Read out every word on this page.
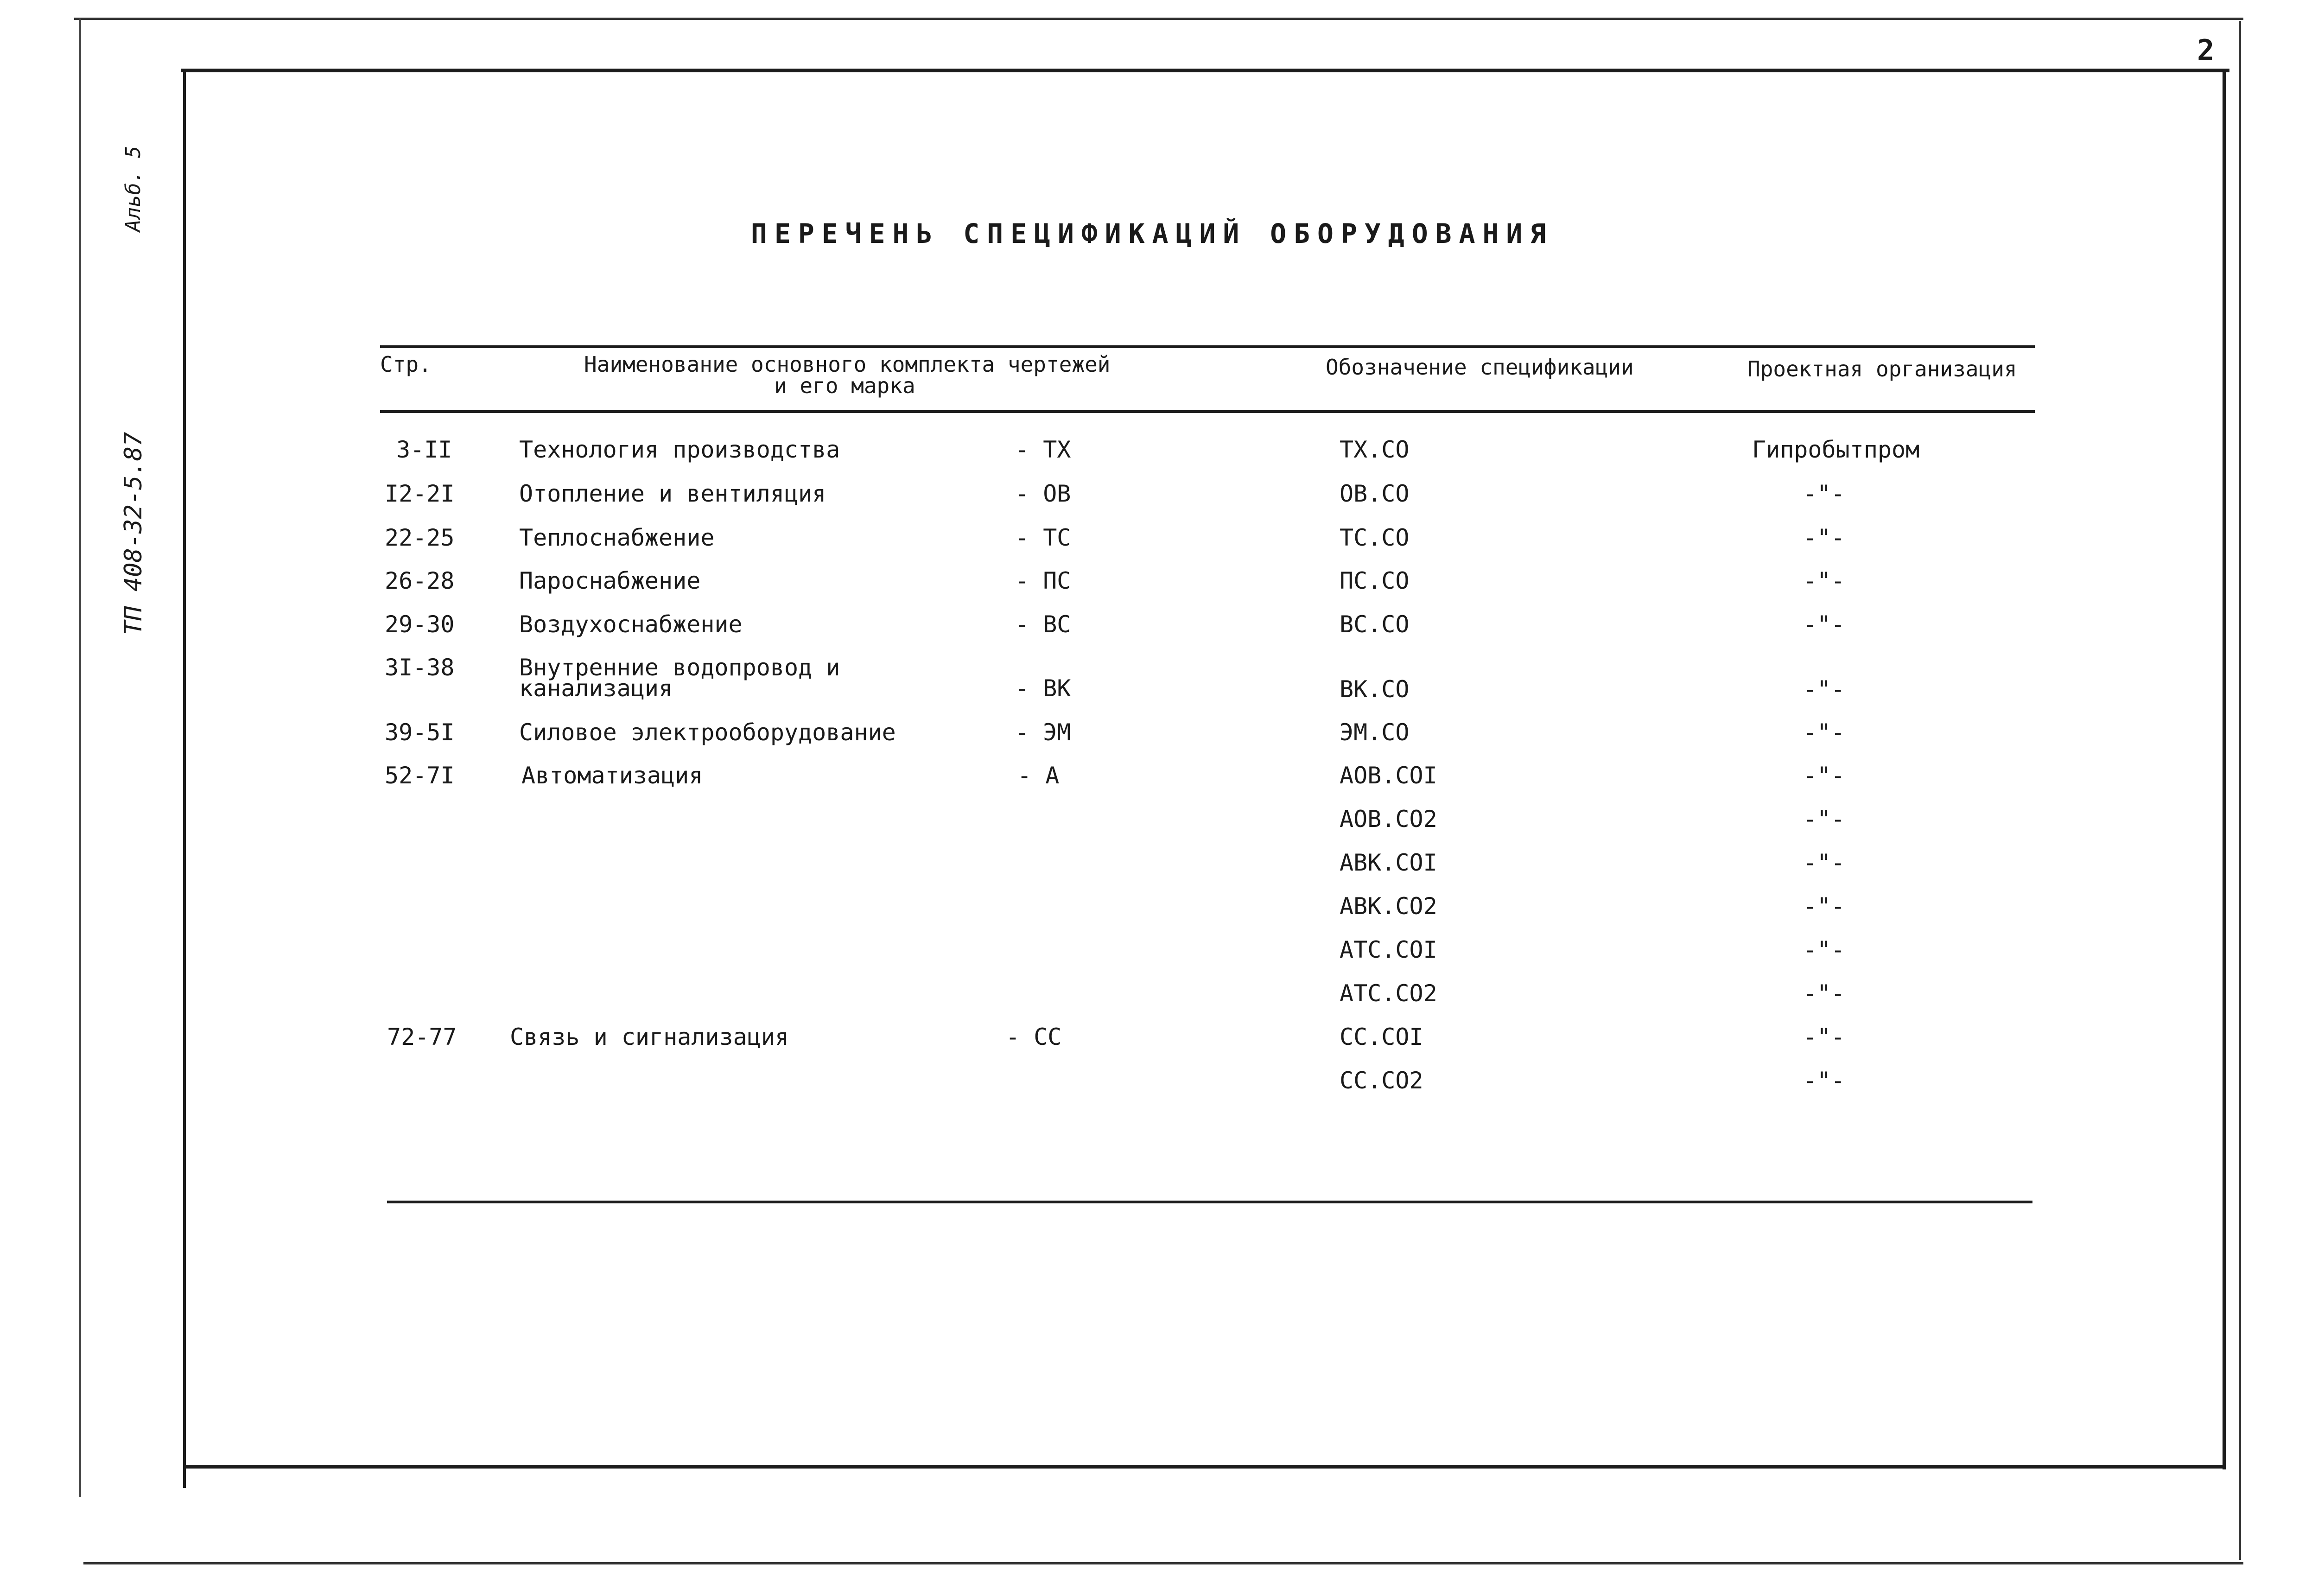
2
ТП 408-32-5.87
Альб. 5
ПЕРЕЧЕНЬ СПЕЦИФИКАЦИЙ ОБОРУДОВАНИЯ
Стр.	Наименование основного комплекта чертежей
и его марка
Обозначение спецификации	Проектная организация
3-II	Технология производства	- ТХ	ТХ.СО	Гипробытпром
I2-2I	Отопление и вентиляция	- ОВ	ОВ.СО	-"-
22-25	Теплоснабжение	- ТС	ТС.СО	-"-
26-28	Пароснабжение	- ПС	ПС.СО	-"-
29-30	Воздухоснабжение	- ВС	ВС.СО	-"-
3I-38	Внутренние водопровод и
канализация	- ВК	ВК.СО	-"-
39-5I	Силовое электрооборудование	- ЭМ	ЭМ.СО	-"-
52-7I	Автоматизация	- А	АОВ.СОI	-"-
АОВ.СО2	-"-
АВК.СОI	-"-
АВК.СО2	-"-
АТС.СОI	-"-
АТС.СО2	-"-
72-77 Связь и сигнализация	- СС	СС.СОI	-"-
СС.СО2	-"-
